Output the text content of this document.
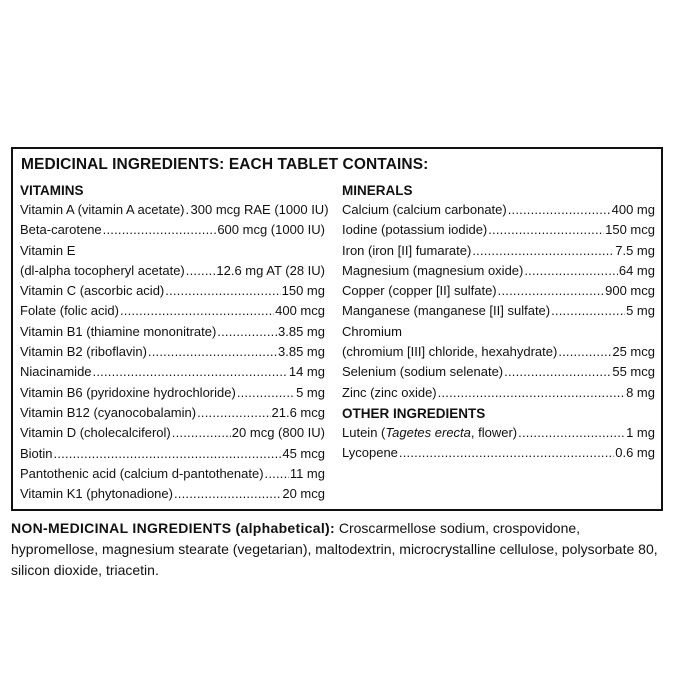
MEDICINAL INGREDIENTS: EACH TABLET CONTAINS:
VITAMINS
Vitamin A (vitamin A acetate) ..... 300 mcg RAE (1000 IU)
Beta-carotene .....	600 mcg (1000 IU)
Vitamin E
(dl-alpha tocopheryl acetate) ..... 12.6 mg AT (28 IU)
Vitamin C (ascorbic acid) .....	150 mg
Folate (folic acid) .....	400 mcg
Vitamin B1 (thiamine mononitrate) .....	3.85 mg
Vitamin B2 (riboflavin) .....	3.85 mg
Niacinamide .....	14 mg
Vitamin B6 (pyridoxine hydrochloride) .....	5 mg
Vitamin B12 (cyanocobalamin) .....	21.6 mcg
Vitamin D (cholecalciferol) .....	20 mcg (800 IU)
Biotin .....	45 mcg
Pantothenic acid (calcium d-pantothenate) ..... 11 mg
Vitamin K1 (phytonadione) .....	20 mcg
MINERALS
Calcium (calcium carbonate) .....	400 mg
Iodine (potassium iodide) .....	150 mcg
Iron (iron [II] fumarate) .....	7.5 mg
Magnesium (magnesium oxide) .....	64 mg
Copper (copper [II] sulfate) .....	900 mcg
Manganese (manganese [II] sulfate) .....	5 mg
Chromium
(chromium [III] chloride, hexahydrate) .....	25 mcg
Selenium (sodium selenate) .....	55 mcg
Zinc (zinc oxide) .....	8 mg
OTHER INGREDIENTS
Lutein (Tagetes erecta, flower) .....	1 mg
Lycopene .....	0.6 mg
NON-MEDICINAL INGREDIENTS (alphabetical): Croscarmellose sodium, crospovidone, hypromellose, magnesium stearate (vegetarian), maltodextrin, microcrystalline cellulose, polysorbate 80, silicon dioxide, triacetin.
